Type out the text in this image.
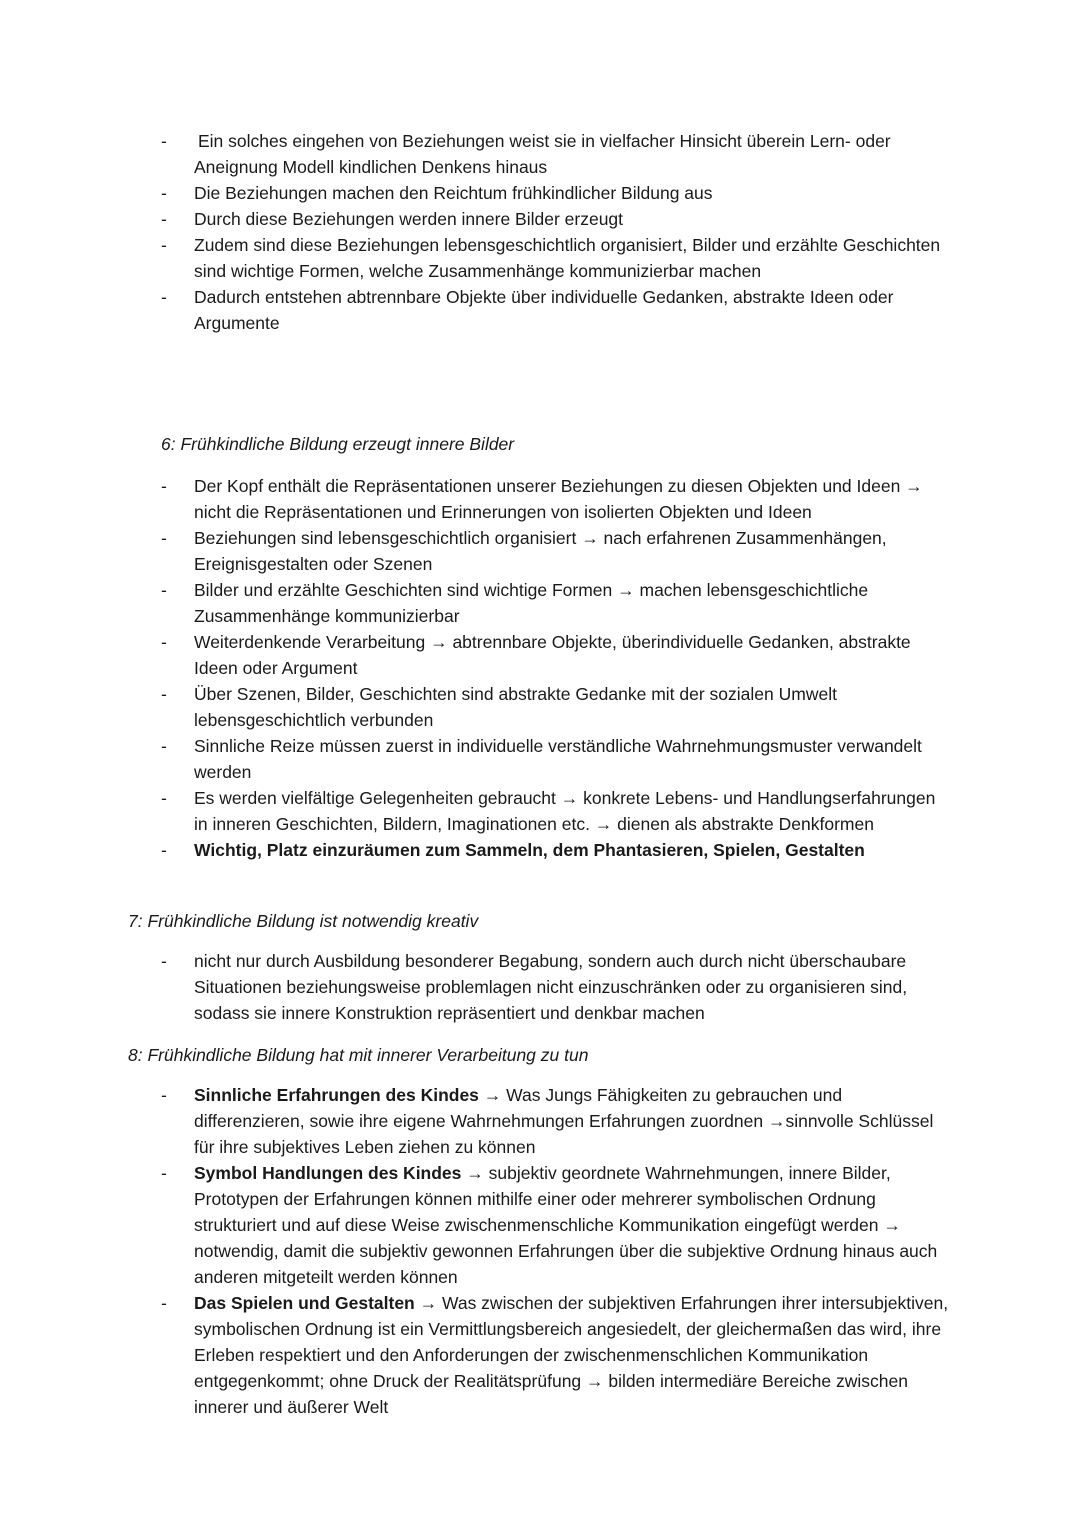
- Ein solches eingehen von Beziehungen weist sie in vielfacher Hinsicht überein Lern- oder Aneignung Modell kindlichen Denkens hinaus
- Die Beziehungen machen den Reichtum frühkindlicher Bildung aus
- Durch diese Beziehungen werden innere Bilder erzeugt
- Zudem sind diese Beziehungen lebensgeschichtlich organisiert, Bilder und erzählte Geschichten sind wichtige Formen, welche Zusammenhänge kommunizierbar machen
- Dadurch entstehen abtrennbare Objekte über individuelle Gedanken, abstrakte Ideen oder Argumente
6: Frühkindliche Bildung erzeugt innere Bilder
- Der Kopf enthält die Repräsentationen unserer Beziehungen zu diesen Objekten und Ideen → nicht die Repräsentationen und Erinnerungen von isolierten Objekten und Ideen
- Beziehungen sind lebensgeschichtlich organisiert → nach erfahrenen Zusammenhängen, Ereignisgestalten oder Szenen
- Bilder und erzählte Geschichten sind wichtige Formen → machen lebensgeschichtliche Zusammenhänge kommunizierbar
- Weiterdenkende Verarbeitung → abtrennbare Objekte, überindividuelle Gedanken, abstrakte Ideen oder Argument
- Über Szenen, Bilder, Geschichten sind abstrakte Gedanke mit der sozialen Umwelt lebensgeschichtlich verbunden
- Sinnliche Reize müssen zuerst in individuelle verständliche Wahrnehmungsmuster verwandelt werden
- Es werden vielfältige Gelegenheiten gebraucht → konkrete Lebens- und Handlungserfahrungen in inneren Geschichten, Bildern, Imaginationen etc. → dienen als abstrakte Denkformen
- Wichtig, Platz einzuräumen zum Sammeln, dem Phantasieren, Spielen, Gestalten
7: Frühkindliche Bildung ist notwendig kreativ
- nicht nur durch Ausbildung besonderer Begabung, sondern auch durch nicht überschaubare Situationen beziehungsweise problemlagen nicht einzuschränken oder zu organisieren sind, sodass sie innere Konstruktion repräsentiert und denkbar machen
8: Frühkindliche Bildung hat mit innerer Verarbeitung zu tun
- Sinnliche Erfahrungen des Kindes → Was Jungs Fähigkeiten zu gebrauchen und differenzieren, sowie ihre eigene Wahrnehmungen Erfahrungen zuordnen →sinnvolle Schlüssel für ihre subjektives Leben ziehen zu können
- Symbol Handlungen des Kindes → subjektiv geordnete Wahrnehmungen, innere Bilder, Prototypen der Erfahrungen können mithilfe einer oder mehrerer symbolischen Ordnung strukturiert und auf diese Weise zwischenmenschliche Kommunikation eingefügt werden → notwendig, damit die subjektiv gewonnen Erfahrungen über die subjektive Ordnung hinaus auch anderen mitgeteilt werden können
- Das Spielen und Gestalten → Was zwischen der subjektiven Erfahrungen ihrer intersubjektiven, symbolischen Ordnung ist ein Vermittlungsbereich angesiedelt, der gleichermaßen das wird, ihre Erleben respektiert und den Anforderungen der zwischenmenschlichen Kommunikation entgegenkommt; ohne Druck der Realitätsprüfung → bilden intermediäre Bereiche zwischen innerer und äußerer Welt
